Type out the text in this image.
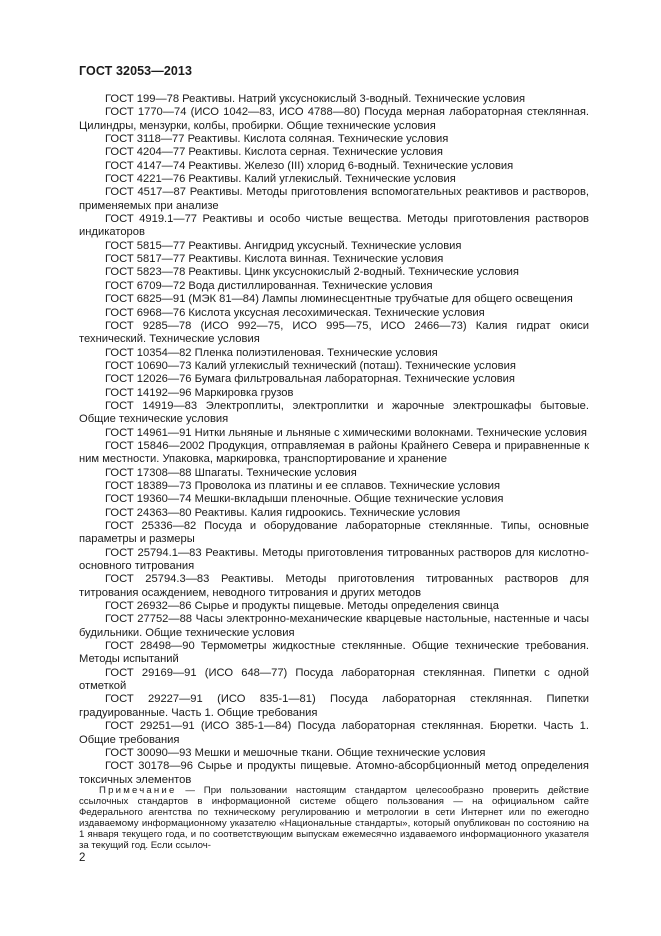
ГОСТ 32053—2013

ГОСТ 199—78 Реактивы. Натрий уксуснокислый 3-водный. Технические условия

ГОСТ 1770—74 (ИСО 1042—83, ИСО 4788—80) Посуда мерная лабораторная стеклянная. Цилиндры, мензурки, колбы, пробирки. Общие технические условия

ГОСТ 3118—77 Реактивы. Кислота соляная. Технические условия

ГОСТ 4204—77 Реактивы. Кислота серная. Технические условия

ГОСТ 4147—74 Реактивы. Железо (III) хлорид 6-водный. Технические условия

ГОСТ 4221—76 Реактивы. Калий углекислый. Технические условия

ГОСТ 4517—87 Реактивы. Методы приготовления вспомогательных реактивов и растворов, применяемых при анализе

ГОСТ 4919.1—77 Реактивы и особо чистые вещества. Методы приготовления растворов индикаторов

ГОСТ 5815—77 Реактивы. Ангидрид уксусный. Технические условия

ГОСТ 5817—77 Реактивы. Кислота винная. Технические условия

ГОСТ 5823—78 Реактивы. Цинк уксуснокислый 2-водный. Технические условия

ГОСТ 6709—72 Вода дистиллированная. Технические условия

ГОСТ 6825—91 (МЭК 81—84) Лампы люминесцентные трубчатые для общего освещения

ГОСТ 6968—76 Кислота уксусная лесохимическая. Технические условия

ГОСТ 9285—78 (ИСО 992—75, ИСО 995—75, ИСО 2466—73) Калия гидрат окиси технический. Технические условия

ГОСТ 10354—82 Пленка полиэтиленовая. Технические условия

ГОСТ 10690—73 Калий углекислый технический (поташ). Технические условия

ГОСТ 12026—76 Бумага фильтровальная лабораторная. Технические условия

ГОСТ 14192—96 Маркировка грузов

ГОСТ 14919—83 Электроплиты, электроплитки и жарочные электрошкафы бытовые. Общие технические условия

ГОСТ 14961—91 Нитки льняные и льняные с химическими волокнами. Технические условия

ГОСТ 15846—2002 Продукция, отправляемая в районы Крайнего Севера и приравненные к ним местности. Упаковка, маркировка, транспортирование и хранение

ГОСТ 17308—88 Шпагаты. Технические условия

ГОСТ 18389—73 Проволока из платины и ее сплавов. Технические условия

ГОСТ 19360—74 Мешки-вкладыши пленочные. Общие технические условия

ГОСТ 24363—80 Реактивы. Калия гидроокись. Технические условия

ГОСТ 25336—82 Посуда и оборудование лабораторные стеклянные. Типы, основные параметры и размеры

ГОСТ 25794.1—83 Реактивы. Методы приготовления титрованных растворов для кислотно-основного титрования

ГОСТ 25794.3—83 Реактивы. Методы приготовления титрованных растворов для титрования осаждением, неводного титрования и других методов

ГОСТ 26932—86 Сырье и продукты пищевые. Методы определения свинца

ГОСТ 27752—88 Часы электронно-механические кварцевые настольные, настенные и часы будильники. Общие технические условия

ГОСТ 28498—90 Термометры жидкостные стеклянные. Общие технические требования. Методы испытаний

ГОСТ 29169—91 (ИСО 648—77) Посуда лабораторная стеклянная. Пипетки с одной отметкой

ГОСТ 29227—91 (ИСО 835-1—81) Посуда лабораторная стеклянная. Пипетки градуированные. Часть 1. Общие требования

ГОСТ 29251—91 (ИСО 385-1—84) Посуда лабораторная стеклянная. Бюретки. Часть 1. Общие требования

ГОСТ 30090—93 Мешки и мешочные ткани. Общие технические условия

ГОСТ 30178—96 Сырье и продукты пищевые. Атомно-абсорбционный метод определения токсичных элементов

Примечание — При пользовании настоящим стандартом целесообразно проверить действие ссылочных стандартов в информационной системе общего пользования — на официальном сайте Федерального агентства по техническому регулированию и метрологии в сети Интернет или по ежегодно издаваемому информационному указателю «Национальные стандарты», который опубликован по состоянию на 1 января текущего года, и по соответствующим выпускам ежемесячно издаваемого информационного указателя за текущий год. Если ссылоч-

2
